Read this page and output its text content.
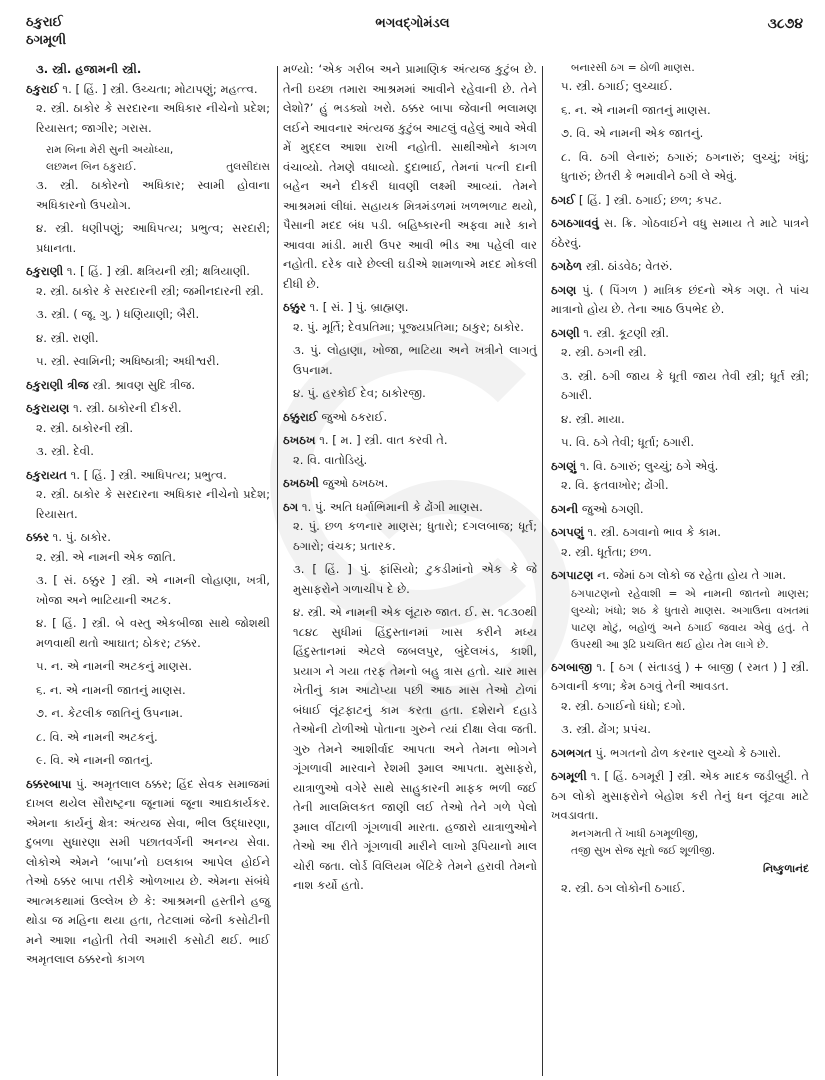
ઠકુરાઈ
ઠગમૂળી
ભગવદ્ગોમંડલ	૩૮૭૪

૩. સ્ત્રી. હજામની સ્ત્રી.

ઠકુરાઈ ૧. [ હિં. ] સ્ત્રી. ઉચ્ચતા; મોટાપણું; મહત્ત્વ.

૨. સ્ત્રી. ઠાકોર કે સરદારના અધિકાર નીચેનો પ્રદેશ; રિયાસત; જાગીર; ગરાસ.

રામ બિના મેરી સુની અયોધ્યા,

લછમન બિન ઠકુરાઈ.	તુલસીદાસ

૩. સ્ત્રી. ઠાકોરનો અધિકાર; સ્વામી હોવાના અધિકારનો ઉપયોગ.

૪. સ્ત્રી. ધણીપણું; આધિપત્ય; પ્રભુત્વ; સરદારી; પ્રધાનતા.

ઠકુરાણી ૧. [ હિં. ] સ્ત્રી. ક્ષત્રિયની સ્ત્રી; ક્ષત્રિયાણી.

૨. સ્ત્રી. ઠાકોર કે સરદારની સ્ત્રી; જમીનદારની સ્ત્રી.

૩. સ્ત્રી. ( જૂ. ગુ. ) ધણિયાણી; બૈરી.

૪. સ્ત્રી. રાણી.

૫. સ્ત્રી. સ્વામિની; અધિષ્ઠાત્રી; અધીશ્વરી.

ઠકુરાણી ત્રીજ સ્ત્રી. શ્રાવણ સુદિ ત્રીજ.
ઠકુરાયણ ૧. સ્ત્રી. ઠાકોરની દીકરી.

૨. સ્ત્રી. ઠાકોરની સ્ત્રી.

૩. સ્ત્રી. દેવી.

ઠકુરાયત ૧. [ હિં. ] સ્ત્રી. આધિપત્ય; પ્રભુત્વ.

૨. સ્ત્રી. ઠાકોર કે સરદારના અધિકાર નીચેનો પ્રદેશ; રિયાસત.

ઠક્કર ૧. પું. ઠાકોર.

૨. સ્ત્રી. એ નામની એક જાતિ.

૩. [ સં. ઠક્કુર ] સ્ત્રી. એ નામની લોહાણા, ખત્રી, ખોજા અને ભાટિયાની અટક.

૪. [ હિં. ] સ્ત્રી. બે વસ્તુ એકબીજા સાથે જોશથી મળવાથી થતો આઘાત; ઠોકર; ટક્કર.

૫. ન. એ નામની અટકનું માણસ.

૬. ન. એ નામની જાતનું માણસ.

૭. ન. કેટલીક જાતિનું ઉપનામ.

૮. વિ. એ નામની અટકનું.

૯. વિ. એ નામની જાતનું.

ઠક્કરબાપા પું. અમૃતલાલ ઠક્કર; હિંદ સેવક સમાજમાં દાખલ થયેલ સૌરાષ્ટ્રના જૂનામાં જૂના આદ્યકાર્યકર. એમના કાર્યનું ક્ષેત્ર: અંત્યજ સેવા, ભીલ ઉદ્ધારણા, દુબળા સુધારણા સમી પછાતવર્ગની અનન્ય સેવા. લોકોએ એમને ‘બાપા’નો ઇલકાબ આપેલ હોઈને તેઓ ઠક્કર બાપા તરીકે ઓળખાય છે. એમના સંબંધે આત્મકથામાં ઉલ્લેખ છે કે: આશ્રમની હસ્તીને હજુ થોડા જ મહિના થયા હતા, તેટલામાં જેની કસોટીની મને આશા નહોતી તેવી અમારી કસોટી થઈ. ભાઈ અમૃતલાલ ઠક્કરનો કાગળ

મળ્યો: ‘એક ગરીબ અને પ્રામાણિક અંત્યજ કુટુંબ છે. તેની ઇચ્છા તમારા આશ્રમમાં આવીને રહેવાની છે. તેને લેશો?’ હું ભડક્યો ખરો. ઠક્કર બાપા જેવાની ભલામણ લઈને આવનાર અંત્યજ કુટુંબ આટલું વહેલું આવે એવી મેં મુદ્દલ આશા રાખી નહોતી. સાથીઓને કાગળ વંચાવ્યો. તેમણે વધાવ્યો. દુદાભાઈ, તેમનાં પત્ની દાની બહેન અને દીકરી ધાવણી લક્ષ્મી આવ્યાં. તેમને આશ્રમમાં લીધાં. સહાયક મિત્રમંડળમાં ખળભળાટ થયો, પૈસાની મદદ બંધ પડી. બહિષ્કારની અફવા મારે કાને આવવા માંડી. મારી ઉપર આવી ભીડ આ પહેલી વાર નહોતી. દરેક વારે છેલ્લી ઘડીએ શામળાએ મદદ મોકલી દીધી છે.

ઠક્કુર ૧. [ સં. ] પું. બ્રાહ્મણ.

૨. પું. મૂર્તિ; દેવપ્રતિમા; પૂજ્યપ્રતિમા; ઠાકુર; ઠાકોર.

૩. પું. લોહાણા, ખોજા, ભાટિયા અને ખત્રીને લાગતું ઉપનામ.

૪. પું. હરકોઈ દેવ; ઠાકોરજી.

ઠક્કુરાઈ જુઓ ઠકરાઈ.
ઠખઠખ ૧. [ મ. ] સ્ત્રી. વાત કરવી તે.

૨. વિ. વાતોડિયું.

ઠખઠખી જુઓ ઠખઠખ.
ઠગ ૧. પું. અતિ ધર્માભિમાની કે ઢોંગી માણસ.

૨. પું. છળ કળનાર માણસ; ધુતારો; દગલબાજ; ધૂર્ત; ઠગારો; વંચક; પ્રતારક.

૩. [ હિં. ] પું. ફાંસિયો; ટુકડીમાંનો એક કે જે મુસાફરોને ગળાચીપ દે છે.

૪. સ્ત્રી. એ નામની એક લૂંટારુ જાત. ઈ. સ. ૧૮૩૦થી ૧૮૪૮ સુધીમાં હિંદુસ્તાનમાં ખાસ કરીને મધ્ય હિંદુસ્તાનમાં એટલે જબલપુર, બુંદેલખંડ, કાશી, પ્રયાગ ને ગયા તરફ તેમનો બહુ ત્રાસ હતો. ચાર માસ ખેતીનું કામ આટોપ્યા પછી આઠ માસ તેઓ ટોળાં બંધાઈ લૂંટફાટનું કામ કરતા હતા. દશેરાને દહાડે તેઓની ટોળીઓ પોતાના ગુરુને ત્યાં દીક્ષા લેવા જતી. ગુરુ તેમને આશીર્વાદ આપતા અને તેમના ભોગને ગૂંગળાવી મારવાને રેશમી રૂમાલ આપતા. મુસાફરો, યાત્રાળુઓ વગેરે સાથે સાહુકારની માફક ભળી જઈ તેની માલમિલકત જાણી લઈ તેઓ તેને ગળે પેલો રૂમાલ વીંટાળી ગૂંગળાવી મારતા. હજારો યાત્રાળુઓને તેઓ આ રીતે ગૂંગળાવી મારીને લાખો રૂપિયાનો માલ ચોરી જતા. લોર્ડ વિલિયમ બેંટિકે તેમને હરાવી તેમનો નાશ કર્યો હતો.

બનારસી ઠગ = ઠોળી માણસ.

૫. સ્ત્રી. ઠગાઈ; લુચ્ચાઈ.

૬. ન. એ નામની જાતનું માણસ.

૭. વિ. એ નામની એક જાતનું.

૮. વિ. ઠગી લેનારું; ઠગારું; ઠગનારું; લુચ્ચું; ખંધું; ધુતારું; છેતરી કે ભમાવીને ઠગી લે એવું.

ઠગઈ [ હિં. ] સ્ત્રી. ઠગાઈ; છળ; કપટ.
ઠગઠગાવવું સ. ક્રિ. ગોઠવાઈને વધુ સમાય તે માટે પાત્રને ઠંઠેરવું.
ઠગઠેળ સ્ત્રી. ઠાંડવેઠ; વેતરું.
ઠગણ પું. ( પિંગળ ) માત્રિક છંદનો એક ગણ. તે પાંચ માત્રાનો હોય છે. તેના આઠ ઉપભેદ છે.
ઠગણી ૧. સ્ત્રી. કૂટણી સ્ત્રી.

૨. સ્ત્રી. ઠગની સ્ત્રી.

૩. સ્ત્રી. ઠગી જાય કે ધૂતી જાય તેવી સ્ત્રી; ધૂર્ત સ્ત્રી; ઠગારી.

૪. સ્ત્રી. માયા.

૫. વિ. ઠગે તેવી; ધૂર્તા; ઠગારી.

ઠગણું ૧. વિ. ઠગારું; લુચ્ચું; ઠગે એવું.

૨. વિ. ફતવાખોર; ઢોંગી.

ઠગની જુઓ ઠગણી.
ઠગપણું ૧. સ્ત્રી. ઠગવાનો ભાવ કે કામ.

૨. સ્ત્રી. ધૂર્તતા; છળ.

ઠગપાટણ ન. જેમાં ઠગ લોકો જ રહેતા હોય તે ગામ.

ઠગપાટણનો રહેવાશી = એ નામની જાતનો માણસ; લુચ્ચો; ખંધો; શઠ કે ધુતારો માણસ. અગાઉના વખતમાં પાટણ મોટું, બહોળું અને ઠગાઈ જવાય એવું હતું. તે ઉપરથી આ રૂઢિ પ્રચલિત થઈ હોય તેમ લાગે છે.

ઠગબાજી ૧. [ ઠગ ( સંતાડવું ) + બાજી ( રમત ) ] સ્ત્રી. ઠગવાની કળા; કેમ ઠગવું તેની આવડત.

૨. સ્ત્રી. ઠગાઈનો ધંધો; દગો.

૩. સ્ત્રી. ઢોંગ; પ્રપંચ.

ઠગભગત પું. ભગતનો ઢોળ કરનાર લુચ્ચો કે ઠગારો.
ઠગમૂળી ૧. [ હિં. ઠગમૂરી ] સ્ત્રી. એક માદક જડીબુટ્ટી. તે ઠગ લોકો મુસાફરોને બેહોશ કરી તેનું ધન લૂંટવા માટે ખવડાવતા.

મનગમતી તેં ખાધી ઠગમૂળીજી,

તજી સુખ સેજ સૂતો જઈ શૂળીજી.

નિષ્કુળાનંદ

૨. સ્ત્રી. ઠગ લોકોની ઠગાઈ.
